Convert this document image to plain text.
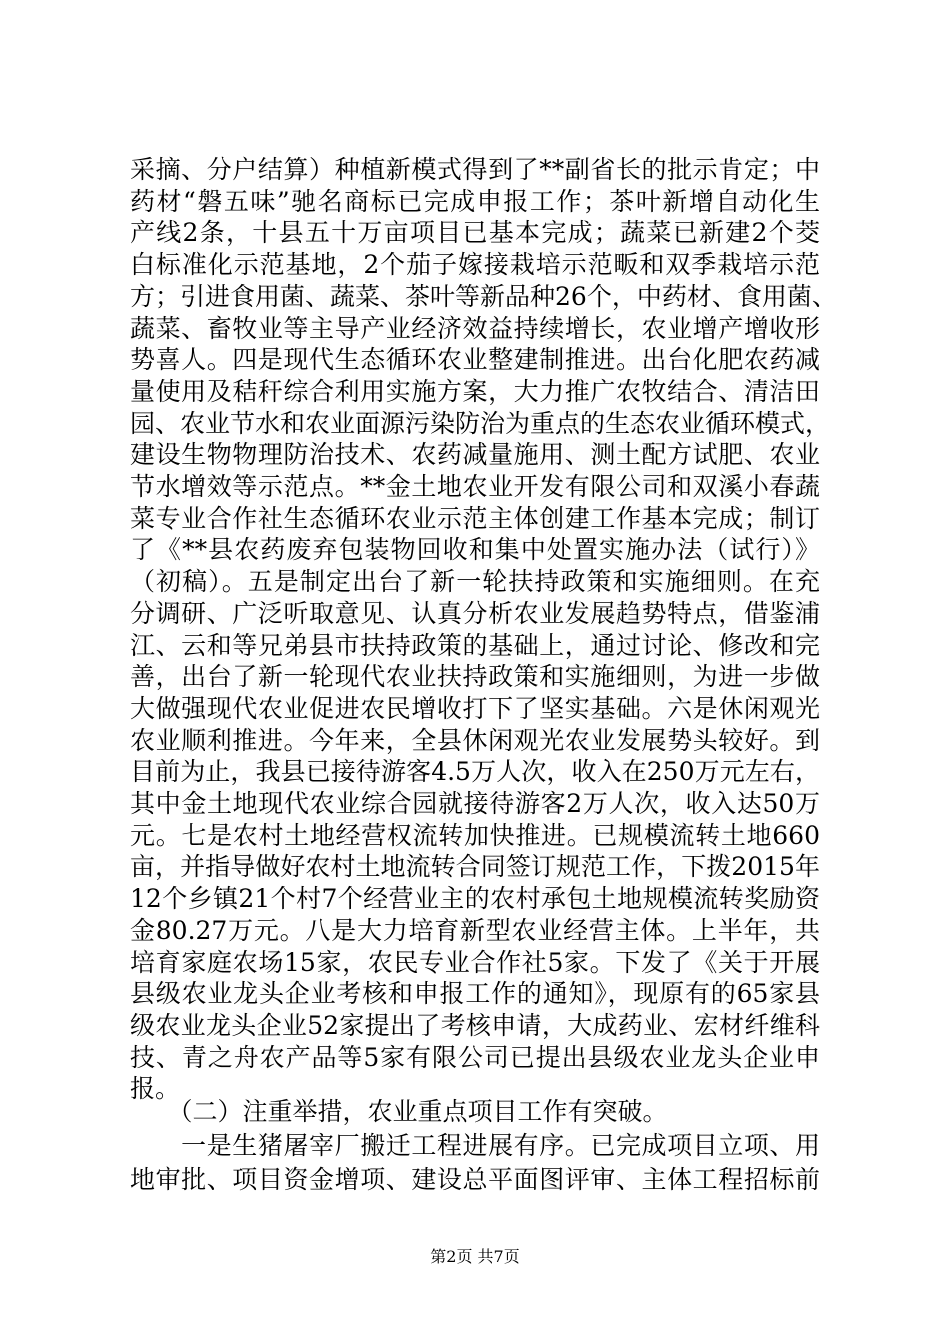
采摘、分户结算）种植新模式得到了**副省长的批示肯定；中
药材“磐五味”驰名商标已完成申报工作；茶叶新增自动化生
产线2条，十县五十万亩项目已基本完成；蔬菜已新建2个茭
白标准化示范基地，2个茄子嫁接栽培示范畈和双季栽培示范
方；引进食用菌、蔬菜、茶叶等新品种26个，中药材、食用菌、
蔬菜、畜牧业等主导产业经济效益持续增长，农业增产增收形
势喜人。四是现代生态循环农业整建制推进。出台化肥农药减
量使用及秸秆综合利用实施方案，大力推广农牧结合、清洁田
园、农业节水和农业面源污染防治为重点的生态农业循环模式，
建设生物物理防治技术、农药减量施用、测土配方试肥、农业
节水增效等示范点。**金土地农业开发有限公司和双溪小春蔬
菜专业合作社生态循环农业示范主体创建工作基本完成；制订
了《**县农药废弃包装物回收和集中处置实施办法（试行）》
（初稿）。五是制定出台了新一轮扶持政策和实施细则。在充
分调研、广泛听取意见、认真分析农业发展趋势特点，借鉴浦
江、云和等兄弟县市扶持政策的基础上，通过讨论、修改和完
善，出台了新一轮现代农业扶持政策和实施细则，为进一步做
大做强现代农业促进农民增收打下了坚实基础。六是休闲观光
农业顺利推进。今年来，全县休闲观光农业发展势头较好。到
目前为止，我县已接待游客4.5万人次，收入在250万元左右，
其中金土地现代农业综合园就接待游客2万人次，收入达50万
元。七是农村土地经营权流转加快推进。已规模流转土地660
亩，并指导做好农村土地流转合同签订规范工作，下拨2015年
12个乡镇21个村7个经营业主的农村承包土地规模流转奖励资
金80.27万元。八是大力培育新型农业经营主体。上半年，共
培育家庭农场15家，农民专业合作社5家。下发了《关于开展
县级农业龙头企业考核和申报工作的通知》，现原有的65家县
级农业龙头企业52家提出了考核申请，大成药业、宏材纤维科
技、青之舟农产品等5家有限公司已提出县级农业龙头企业申
报。
第2页 共7页
　　（二）注重举措，农业重点项目工作有突破。
　　一是生猪屠宰厂搬迁工程进展有序。已完成项目立项、用
地审批、项目资金增项、建设总平面图评审、主体工程招标前
